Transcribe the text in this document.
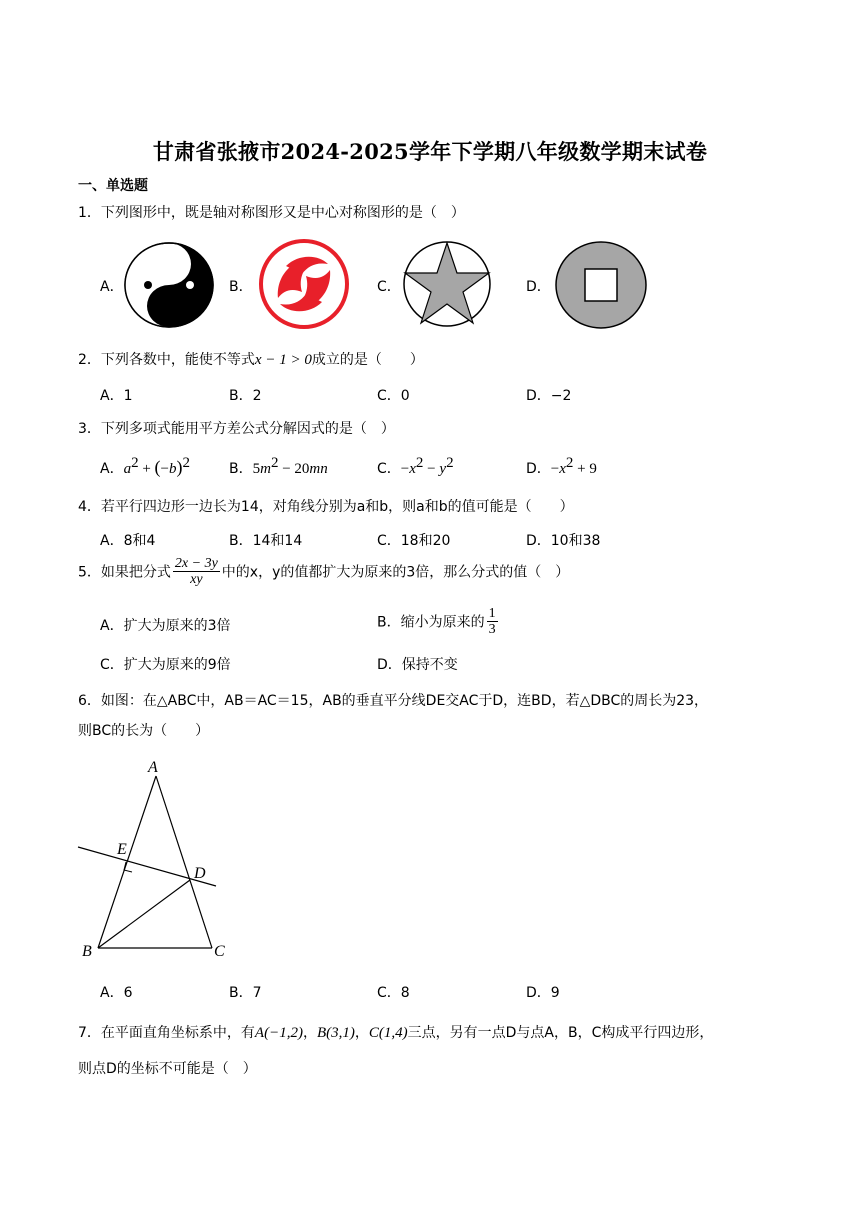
甘肃省张掖市2024-2025学年下学期八年级数学期末试卷
一、单选题
1．下列图形中，既是轴对称图形又是中心对称图形的是（　）
A．	B．	C．	D．
2．下列各数中，能使不等式x − 1 > 0成立的是（　　）
A．1	B．2	C．0	D．−2
3．下列多项式能用平方差公式分解因式的是（　）
A．$a^2 + (-b)^2$	B．$5m^2 - 20mn$	C．$-x^2 - y^2$	D．$-x^2 + 9$
4．若平行四边形一边长为14，对角线分别为a和b，则a和b的值可能是（　　）
A．8和4	B．14和14	C．18和20	D．10和38
5．如果把分式 $\frac{2x - 3y}{xy}$ 中的x，y的值都扩大为原来的3倍，那么分式的值（　）
A．扩大为原来的3倍	B．缩小为原来的 $\frac{1}{3}$
C．扩大为原来的9倍	D．保持不变
6．如图：在△ABC中，AB＝AC＝15，AB的垂直平分线DE交AC于D，连BD，若△DBC的周长为23，
则BC的长为（　　）
A
E
D
B	C
A．6	B．7	C．8	D．9
7．在平面直角坐标系中，有A(−1,2)，B(3,1)，C(1,4)三点，另有一点D与点A，B，C构成平行四边形，
则点D的坐标不可能是（　）
